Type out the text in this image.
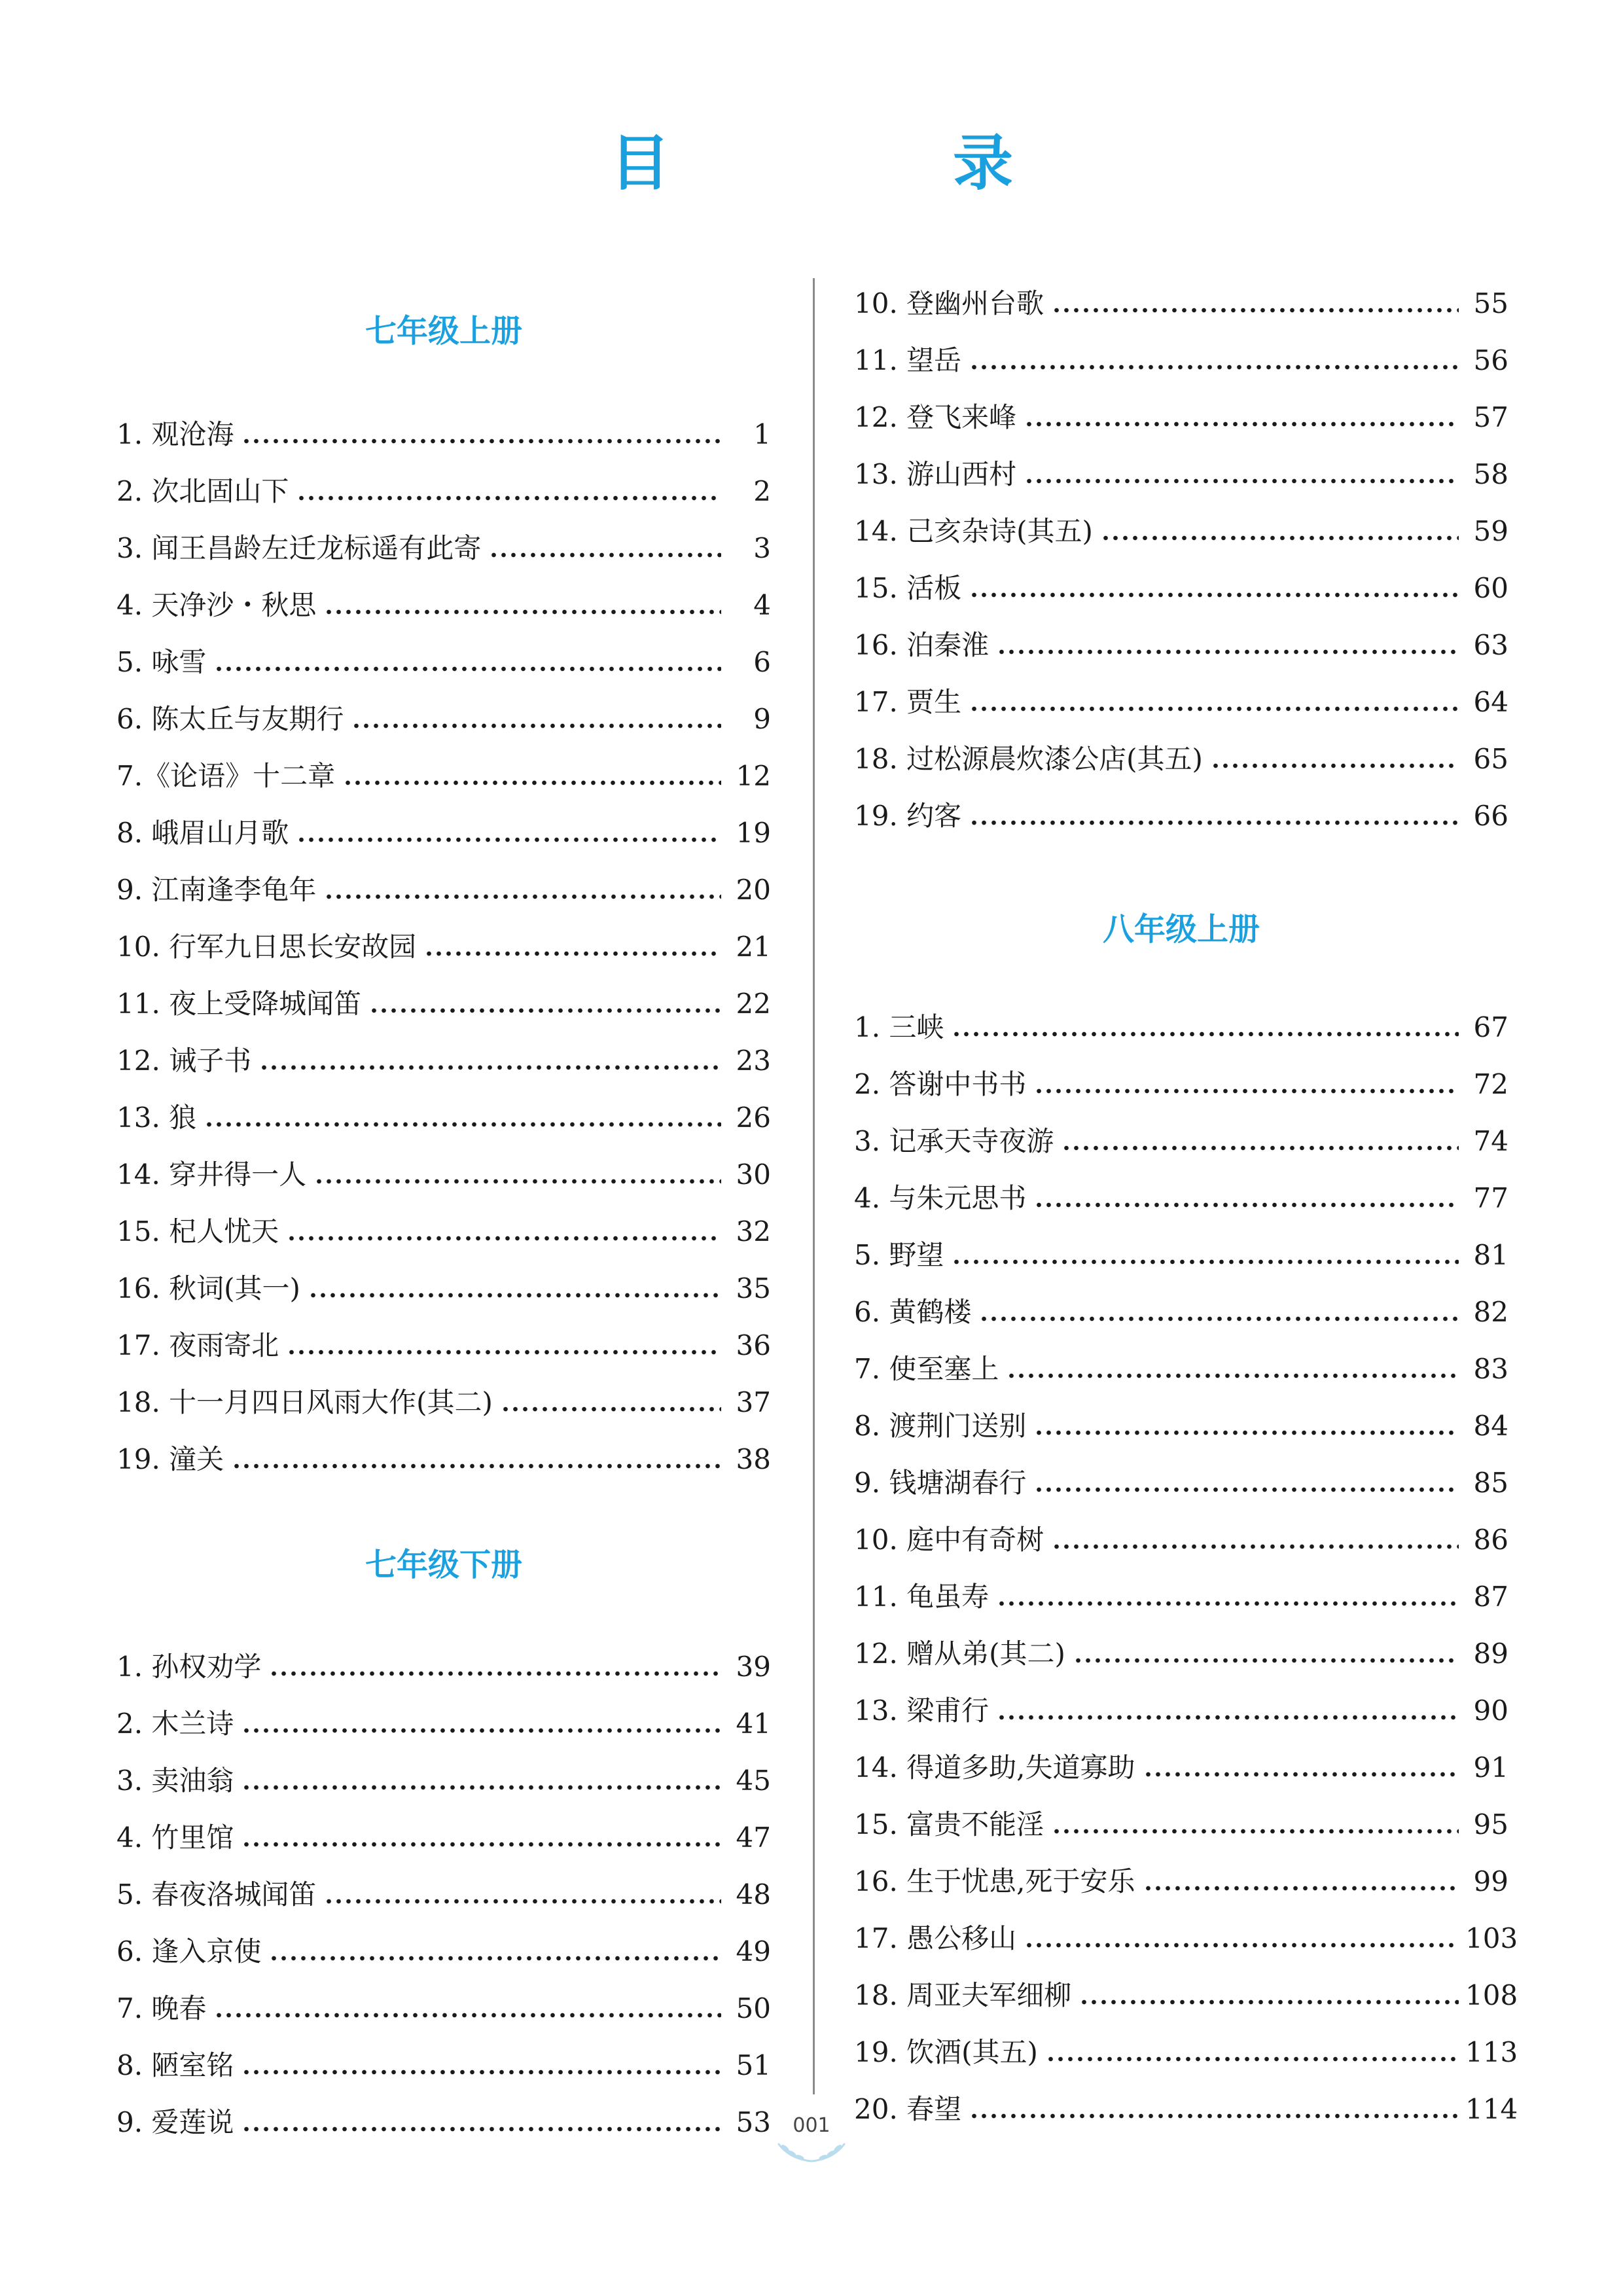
目 录
七年级上册
1. 观沧海	1
2. 次北固山下	2
3. 闻王昌龄左迁龙标遥有此寄	3
4. 天净沙・秋思	4
5. 咏雪	6
6. 陈太丘与友期行	9
7.《论语》十二章	12
8. 峨眉山月歌	19
9. 江南逢李龟年	20
10. 行军九日思长安故园	21
11. 夜上受降城闻笛	22
12. 诫子书	23
13. 狼	26
14. 穿井得一人	30
15. 杞人忧天	32
16. 秋词(其一)	35
17. 夜雨寄北	36
18. 十一月四日风雨大作(其二)	37
19. 潼关	38
七年级下册
1. 孙权劝学	39
2. 木兰诗	41
3. 卖油翁	45
4. 竹里馆	47
5. 春夜洛城闻笛	48
6. 逢入京使	49
7. 晚春	50
8. 陋室铭	51
9. 爱莲说	53
10. 登幽州台歌	55
11. 望岳	56
12. 登飞来峰	57
13. 游山西村	58
14. 己亥杂诗(其五)	59
15. 活板	60
16. 泊秦淮	63
17. 贾生	64
18. 过松源晨炊漆公店(其五)	65
19. 约客	66
八年级上册
1. 三峡	67
2. 答谢中书书	72
3. 记承天寺夜游	74
4. 与朱元思书	77
5. 野望	81
6. 黄鹤楼	82
7. 使至塞上	83
8. 渡荆门送别	84
9. 钱塘湖春行	85
10. 庭中有奇树	86
11. 龟虽寿	87
12. 赠从弟(其二)	89
13. 梁甫行	90
14. 得道多助,失道寡助	91
15. 富贵不能淫	95
16. 生于忧患,死于安乐	99
17. 愚公移山	103
18. 周亚夫军细柳	108
19. 饮酒(其五)	113
20. 春望	114
001
